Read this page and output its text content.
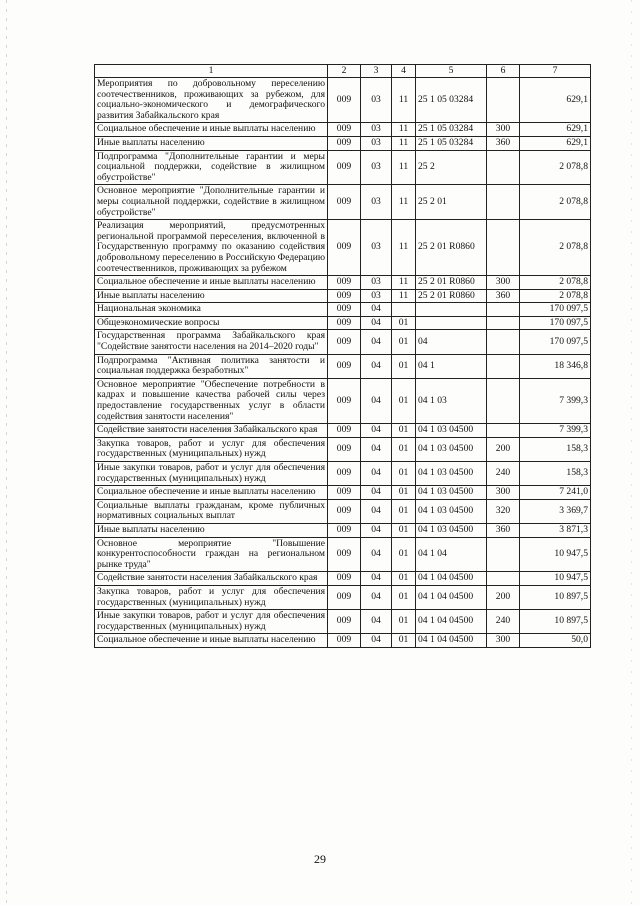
1	2	3	4	5	6	7
Мероприятия по добровольному переселению соотечественников, проживающих за рубежом, для социально-экономического и демографического развития Забайкальского края	009	03	11	25 1 05 03284		629,1
Социальное обеспечение и иные выплаты населению	009	03	11	25 1 05 03284	300	629,1
Иные выплаты населению	009	03	11	25 1 05 03284	360	629,1
Подпрограмма "Дополнительные гарантии и меры социальной поддержки, содействие в жилищном обустройстве"	009	03	11	25 2		2 078,8
Основное мероприятие "Дополнительные гарантии и меры социальной поддержки, содействие в жилищном обустройстве"	009	03	11	25 2 01		2 078,8
Реализация мероприятий, предусмотренных региональной программой переселения, включенной в Государственную программу по оказанию содействия добровольному переселению в Российскую Федерацию соотечественников, проживающих за рубежом	009	03	11	25 2 01 R0860		2 078,8
Социальное обеспечение и иные выплаты населению	009	03	11	25 2 01 R0860	300	2 078,8
Иные выплаты населению	009	03	11	25 2 01 R0860	360	2 078,8
Национальная экономика	009	04				170 097,5
Общеэкономические вопросы	009	04	01			170 097,5
Государственная программа Забайкальского края "Содействие занятости населения на 2014–2020 годы"	009	04	01	04		170 097,5
Подпрограмма "Активная политика занятости и социальная поддержка безработных"	009	04	01	04 1		18 346,8
Основное мероприятие "Обеспечение потребности в кадрах и повышение качества рабочей силы через предоставление государственных услуг в области содействия занятости населения"	009	04	01	04 1 03		7 399,3
Содействие занятости населения Забайкальского края	009	04	01	04 1 03 04500		7 399,3
Закупка товаров, работ и услуг для обеспечения государственных (муниципальных) нужд	009	04	01	04 1 03 04500	200	158,3
Иные закупки товаров, работ и услуг для обеспечения государственных (муниципальных) нужд	009	04	01	04 1 03 04500	240	158,3
Социальное обеспечение и иные выплаты населению	009	04	01	04 1 03 04500	300	7 241,0
Социальные выплаты гражданам, кроме публичных нормативных социальных выплат	009	04	01	04 1 03 04500	320	3 369,7
Иные выплаты населению	009	04	01	04 1 03 04500	360	3 871,3
Основное мероприятие "Повышение конкурентоспособности граждан на региональном рынке труда"	009	04	01	04 1 04		10 947,5
Содействие занятости населения Забайкальского края	009	04	01	04 1 04 04500		10 947,5
Закупка товаров, работ и услуг для обеспечения государственных (муниципальных) нужд	009	04	01	04 1 04 04500	200	10 897,5
Иные закупки товаров, работ и услуг для обеспечения государственных (муниципальных) нужд	009	04	01	04 1 04 04500	240	10 897,5
Социальное обеспечение и иные выплаты населению	009	04	01	04 1 04 04500	300	50,0
29
